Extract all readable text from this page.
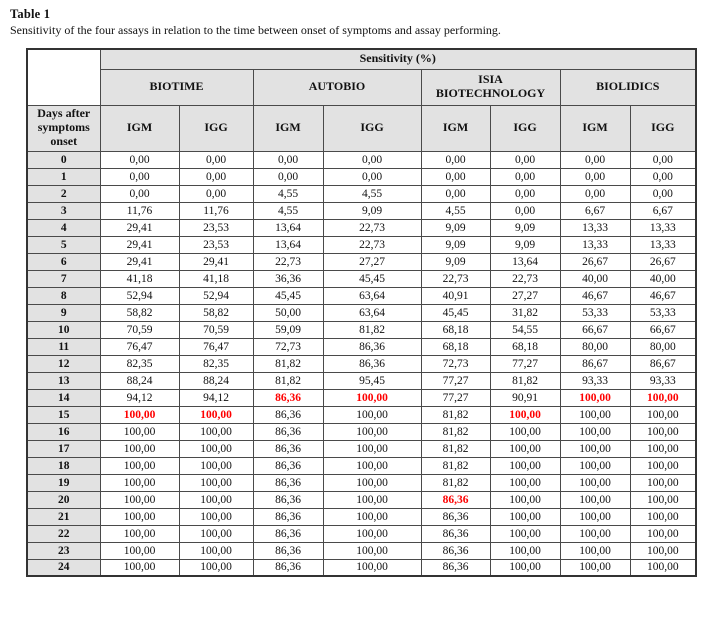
Table 1
Sensitivity of the four assays in relation to the time between onset of symptoms and assay performing.
	Sensitivity (%)							
	BIOTIME		AUTOBIO		ISIA BIOTECHNOLOGY		BIOLIDICS	
Days after symptoms onset	IGM	IGG	IGM	IGG	IGM	IGG	IGM	IGG
0	0,00	0,00	0,00	0,00	0,00	0,00	0,00	0,00
1	0,00	0,00	0,00	0,00	0,00	0,00	0,00	0,00
2	0,00	0,00	4,55	4,55	0,00	0,00	0,00	0,00
3	11,76	11,76	4,55	9,09	4,55	0,00	6,67	6,67
4	29,41	23,53	13,64	22,73	9,09	9,09	13,33	13,33
5	29,41	23,53	13,64	22,73	9,09	9,09	13,33	13,33
6	29,41	29,41	22,73	27,27	9,09	13,64	26,67	26,67
7	41,18	41,18	36,36	45,45	22,73	22,73	40,00	40,00
8	52,94	52,94	45,45	63,64	40,91	27,27	46,67	46,67
9	58,82	58,82	50,00	63,64	45,45	31,82	53,33	53,33
10	70,59	70,59	59,09	81,82	68,18	54,55	66,67	66,67
11	76,47	76,47	72,73	86,36	68,18	68,18	80,00	80,00
12	82,35	82,35	81,82	86,36	72,73	77,27	86,67	86,67
13	88,24	88,24	81,82	95,45	77,27	81,82	93,33	93,33
14	94,12	94,12	86,36	100,00	77,27	90,91	100,00	100,00
15	100,00	100,00	86,36	100,00	81,82	100,00	100,00	100,00
16	100,00	100,00	86,36	100,00	81,82	100,00	100,00	100,00
17	100,00	100,00	86,36	100,00	81,82	100,00	100,00	100,00
18	100,00	100,00	86,36	100,00	81,82	100,00	100,00	100,00
19	100,00	100,00	86,36	100,00	81,82	100,00	100,00	100,00
20	100,00	100,00	86,36	100,00	86,36	100,00	100,00	100,00
21	100,00	100,00	86,36	100,00	86,36	100,00	100,00	100,00
22	100,00	100,00	86,36	100,00	86,36	100,00	100,00	100,00
23	100,00	100,00	86,36	100,00	86,36	100,00	100,00	100,00
24	100,00	100,00	86,36	100,00	86,36	100,00	100,00	100,00
